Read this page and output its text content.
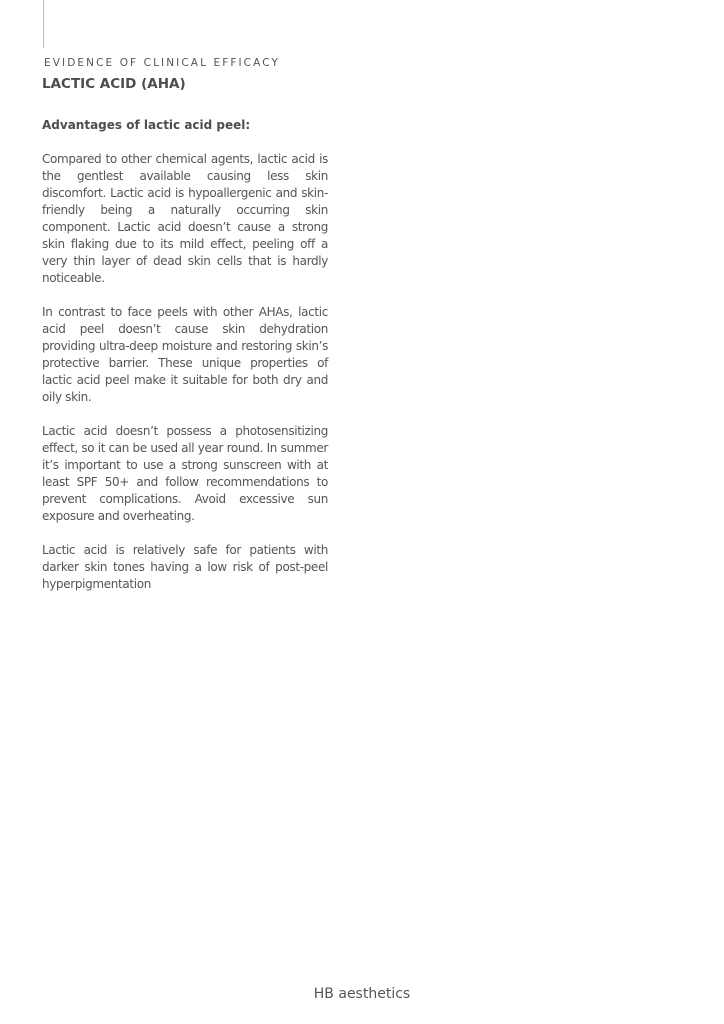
EVIDENCE OF CLINICAL EFFICACY
LACTIC ACID (AHA)

Advantages of lactic acid peel:

Compared to other chemical agents, lactic acid is the gentlest available causing less skin discomfort. Lactic acid is hypoallergenic and skin-friendly being a naturally occurring skin component. Lactic acid doesn’t cause a strong skin flaking due to its mild effect, peeling off a very thin layer of dead skin cells that is hardly noticeable.

In contrast to face peels with other AHAs, lactic acid peel doesn’t cause skin dehydration providing ultra-deep moisture and restoring skin’s protective barrier. These unique properties of lactic acid peel make it suitable for both dry and oily skin.

Lactic acid doesn’t possess a photosensitizing effect, so it can be used all year round. In summer it’s important to use a strong sunscreen with at least SPF 50+ and follow recommendations to prevent complications. Avoid excessive sun exposure and overheating.

Lactic acid is relatively safe for patients with darker skin tones having a low risk of post-peel hyperpigmentation

HB aesthetics
